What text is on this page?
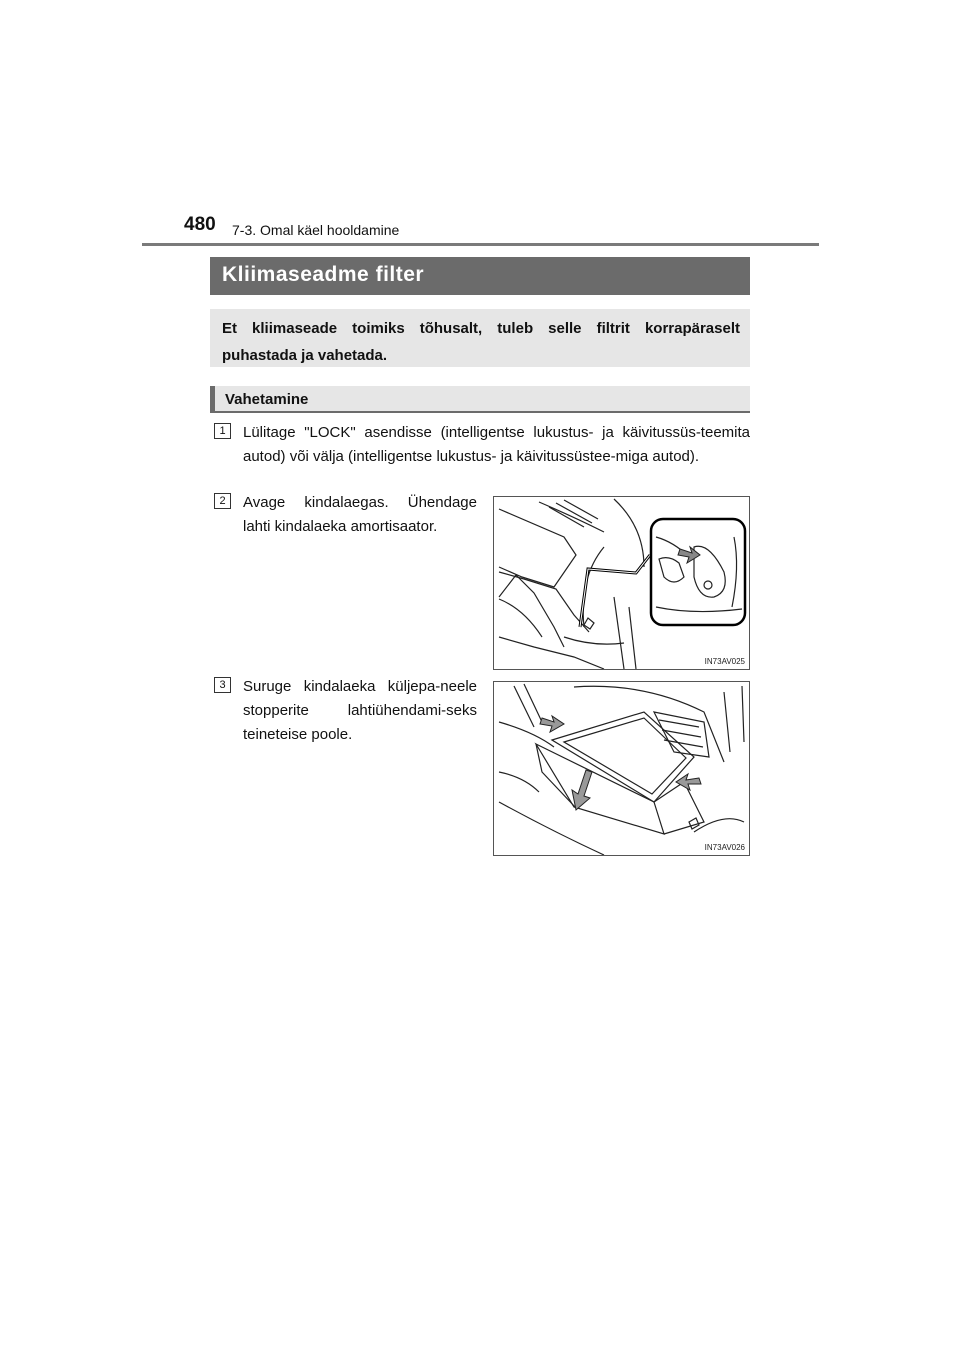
480 7-3. Omal käel hooldamine
Kliimaseadme filter
Et kliimaseade toimiks tõhusalt, tuleb selle filtrit korrapäraselt puhastada ja vahetada.
Vahetamine
1	Lülitage "LOCK" asendisse (intelligentse lukustus- ja käivitussüs-teemita autod) või välja (intelligentse lukustus- ja käivitussüstee-miga autod).
2	Avage kindalaegas. Ühendage lahti kindalaeka amortisaator.
IN73AV025
3	Suruge kindalaeka küljepa-neele stopperite lahtiühendami-seks teineteise poole.
IN73AV026
